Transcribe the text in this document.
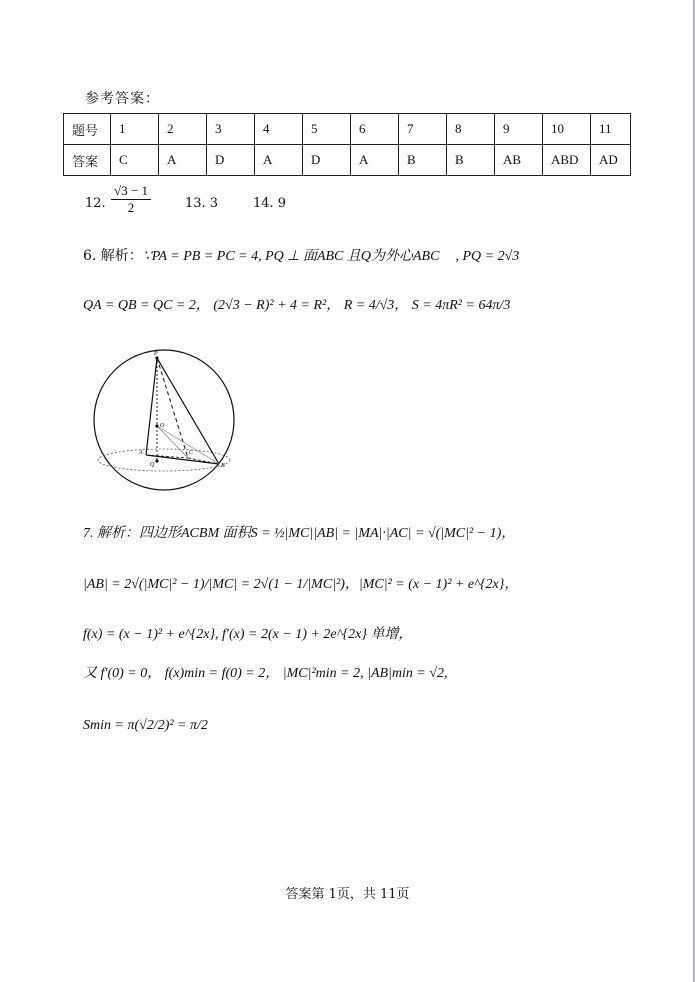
参考答案：
题号	1	2	3	4	5	6	7	8	9	10	11
答案	C	A	D	A	D	A	B	B	AB	ABD	AD
12. $\frac{√3 - 1}{2}$	13. 3	14. 9
6. 解析：∵PA = PB = PC = 4, PQ ⊥ 面ABC 且Q为外心ABC , PQ = 2√3
QA = QB = QC = 2， (2√3 − R)² + 4 = R²， R = 4/√3， S = 4πR² = 64π/3
P
O
A
B
C
Q
7. 解析：四边形ACBM 面积S = ½|MC||AB| = |MA|·|AC| = √(|MC|² − 1)，
|AB| = 2√(|MC|² − 1)/|MC| = 2√(1 − 1/|MC|²)，|MC|² = (x − 1)² + e^{2x}，
f(x) = (x − 1)² + e^{2x}, f′(x) = 2(x − 1) + 2e^{2x} 单增，
又 f′(0) = 0， f(x)min = f(0) = 2， |MC|²min = 2, |AB|min = √2,
Smin = π(√2/2)² = π/2
答案第 1页，共 11页
